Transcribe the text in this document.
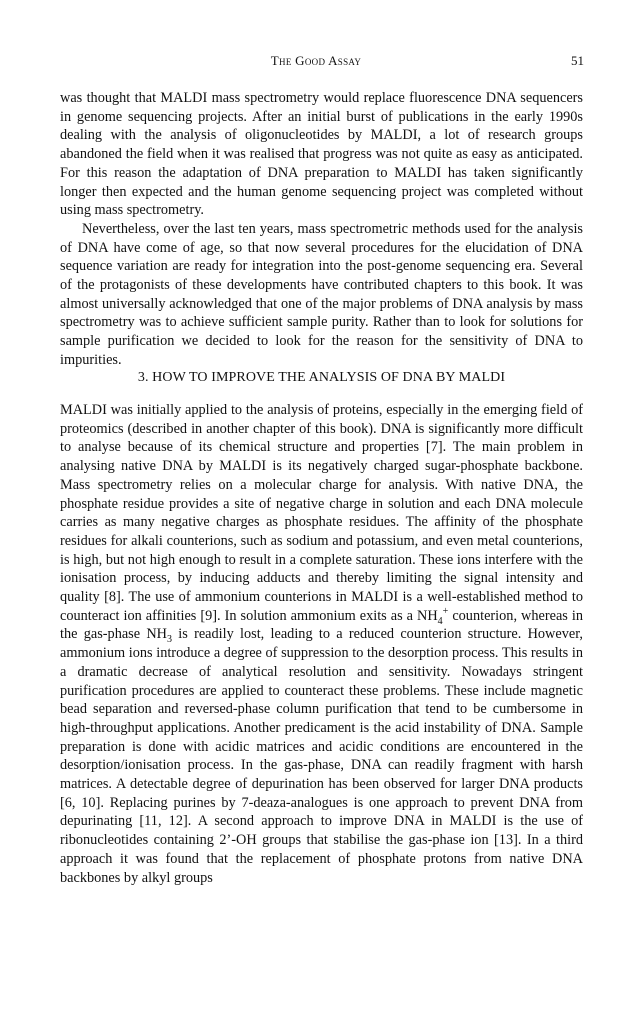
The Good Assay	51

was thought that MALDI mass spectrometry would replace fluorescence DNA sequencers in genome sequencing projects. After an initial burst of publications in the early 1990s dealing with the analysis of oligonucleotides by MALDI, a lot of research groups abandoned the field when it was realised that progress was not quite as easy as anticipated. For this reason the adaptation of DNA preparation to MALDI has taken significantly longer then expected and the human genome sequencing project was completed without using mass spectrometry.

Nevertheless, over the last ten years, mass spectrometric methods used for the analysis of DNA have come of age, so that now several procedures for the elucidation of DNA sequence variation are ready for integration into the post-genome sequencing era. Several of the protagonists of these developments have contributed chapters to this book. It was almost universally acknowledged that one of the major problems of DNA analysis by mass spectrometry was to achieve sufficient sample purity. Rather than to look for solutions for sample purification we decided to look for the reason for the sensitivity of DNA to impurities.

3. HOW TO IMPROVE THE ANALYSIS OF DNA BY MALDI

MALDI was initially applied to the analysis of proteins, especially in the emerging field of proteomics (described in another chapter of this book). DNA is significantly more difficult to analyse because of its chemical structure and properties [7]. The main problem in analysing native DNA by MALDI is its negatively charged sugar-phosphate backbone. Mass spectrometry relies on a molecular charge for analysis. With native DNA, the phosphate residue provides a site of negative charge in solution and each DNA molecule carries as many negative charges as phosphate residues. The affinity of the phosphate residues for alkali counterions, such as sodium and potassium, and even metal counterions, is high, but not high enough to result in a complete saturation. These ions interfere with the ionisation process, by inducing adducts and thereby limiting the signal intensity and quality [8]. The use of ammonium counterions in MALDI is a well-established method to counteract ion affinities [9]. In solution ammonium exits as a $NH_4^+$ counterion, whereas in the gas-phase $NH_3$ is readily lost, leading to a reduced counterion structure. However, ammonium ions introduce a degree of suppression to the desorption process. This results in a dramatic decrease of analytical resolution and sensitivity. Nowadays stringent purification procedures are applied to counteract these problems. These include magnetic bead separation and reversed-phase column purification that tend to be cumbersome in high-throughput applications. Another predicament is the acid instability of DNA. Sample preparation is done with acidic matrices and acidic conditions are encountered in the desorption/ionisation process. In the gas-phase, DNA can readily fragment with harsh matrices. A detectable degree of depurination has been observed for larger DNA products [6, 10]. Replacing purines by 7-deaza-analogues is one approach to prevent DNA from depurinating [11, 12]. A second approach to improve DNA in MALDI is the use of ribonucleotides containing 2’-OH groups that stabilise the gas-phase ion [13]. In a third approach it was found that the replacement of phosphate protons from native DNA backbones by alkyl groups
